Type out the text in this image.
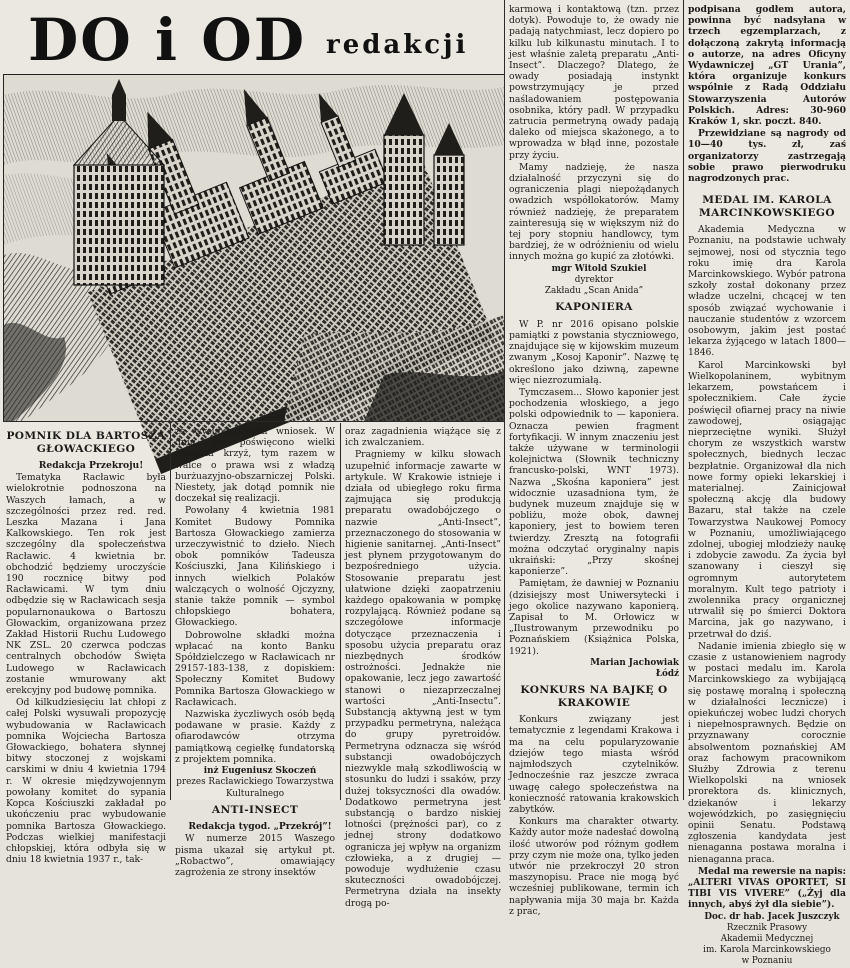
DO i OD redakcji
POMNIK DLA BARTOSZA GŁOWACKIEGO

Redakcja Przekroju!

Tematyka Racławic była wielokrotnie podnoszona na Waszych łamach, a w szczególności przez red. red. Leszka Mazana i Jana Kalkowskiego. Ten rok jest szczególny dla społeczeństwa Racławic. 4 kwietnia br. obchodzić będziemy uroczyście 190 rocznicę bitwy pod Racławicami. W tym dniu odbędzie się w Racławicach sesja popularnonaukowa o Bartoszu Głowackim, organizowana przez Zakład Historii Ruchu Ludowego NK ZSL. 20 czerwca podczas centralnych obchodów Święta Ludowego w Racławicach zostanie wmurowany akt erekcyjny pod budowę pomnika.

Od kilkudziesięciu lat chłopi z całej Polski wysuwali propozycję wybudowania w Racławicach pomnika Wojciecha Bartosza Głowackiego, bohatera słynnej bitwy stoczonej z wojskami carskimi w dniu 4 kwietnia 1794 r. W okresie międzywojennym powołany komitet do sypania Kopca Kościuszki zakładał po ukończeniu prac wybudowanie pomnika Bartosza Głowackiego. Podczas wielkiej manifestacji chłopskiej, która odbyła się w dniu 18 kwietnia 1937 r., tak-

że wysunięto taki wniosek. W dniu tym poświęcono wielki chłopski krzyż, tym razem w walce o prawa wsi z władzą burżuazyjno-obszarniczej Polski. Niestety, jak dotąd pomnik nie doczekał się realizacji.

Powołany 4 kwietnia 1981 Komitet Budowy Pomnika Bartosza Głowackiego zamierza urzeczywistnić to dzieło. Niech obok pomników Tadeusza Kościuszki, Jana Kilińskiego i innych wielkich Polaków walczących o wolność Ojczyzny, stanie także pomnik — symbol chłopskiego bohatera, Głowackiego.

Dobrowolne składki można wpłacać na konto Banku Spółdzielczego w Racławicach nr 29157-183-138, z dopiskiem: Społeczny Komitet Budowy Pomnika Bartosza Głowackiego w Racławicach.

Nazwiska życzliwych osób będą podawane w prasie. Każdy z ofiarodawców otrzyma pamiątkową cegiełkę fundatorską z projektem pomnika.

inż Eugeniusz Skoczeń
prezes Racławickiego Towarzystwa Kulturalnego

ANTI-INSECT

Redakcja tygod. „Przekrój”!

W numerze 2015 Waszego pisma ukazał się artykuł pt. „Robactwo”, omawiający zagrożenia ze strony insektów

oraz zagadnienia wiążące się z ich zwalczaniem.

Pragniemy w kilku słowach uzupełnić informacje zawarte w artykule. W Krakowie istnieje i działa od ubiegłego roku firma zajmująca się produkcją preparatu owadobójczego o nazwie „Anti-Insect”, przeznaczonego do stosowania w higienie sanitarnej. „Anti-Insect” jest płynem przygotowanym do bezpośredniego użycia. Stosowanie preparatu jest ułatwione dzięki zaopatrzeniu każdego opakowania w pompkę rozpylającą. Również podane są szczegółowe informacje dotyczące przeznaczenia i sposobu użycia preparatu oraz niezbędnych środków ostrożności. Jednakże nie opakowanie, lecz jego zawartość stanowi o niezaprzeczalnej wartości „Anti-Insectu”. Substancją aktywną jest w tym przypadku permetryna, należąca do grupy pyretroidów. Permetryna odznacza się wśród substancji owadobójczych niezwykle małą szkodliwością w stosunku do ludzi i ssaków, przy dużej toksyczności dla owadów. Dodatkowo permetryna jest substancją o bardzo niskiej lotności (prężności par), co z jednej strony dodatkowo ogranicza jej wpływ na organizm człowieka, a z drugiej — powoduje wydłużenie czasu skuteczności owadobójczej. Permetryna działa na insekty drogą po-

karmową i kontaktową (tzn. przez dotyk). Powoduje to, że owady nie padają natychmiast, lecz dopiero po kilku lub kilkunastu minutach. I to jest właśnie zaletą preparatu „Anti-Insect”. Dlaczego? Dlatego, że owady posiadają instynkt powstrzymujący je przed naśladowaniem postępowania osobnika, który padł. W przypadku zatrucia permetryną owady padają daleko od miejsca skażonego, a to wprowadza w błąd inne, pozostałe przy życiu.

Mamy nadzieję, że nasza działalność przyczyni się do ograniczenia plagi niepożądanych owadzich współlokatorów. Mamy również nadzieję, że preparatem zainteresują się w większym niż do tej pory stopniu handlowcy, tym bardziej, że w odróżnieniu od wielu innych można go kupić za złotówki.

mgr Witold Szukiel
dyrektor
Zakładu „Scan Anida”

KAPONIERA

W P. nr 2016 opisano polskie pamiątki z powstania styczniowego, znajdujące się w kijowskim muzeum zwanym „Kosoj Kaponir”. Nazwę tę określono jako dziwną, zapewne więc niezrozumiałą.

Tymczasem... Słowo kaponier jest pochodzenia włoskiego, a jego polski odpowiednik to — kaponiera. Oznacza pewien fragment fortyfikacji. W innym znaczeniu jest także używane w terminologii kolejnictwa (Słownik techniczny francusko-polski, WNT 1973). Nazwa „Skośna kaponiera” jest widocznie uzasadniona tym, że budynek muzeum znajduje się w pobliżu, może obok, dawnej kaponiery, jest to bowiem teren twierdzy. Zresztą na fotografii można odczytać oryginalny napis ukraiński: „Przy skośnej kaponierze”.

Pamiętam, że dawniej w Poznaniu (dzisiejszy most Uniwersytecki i jego okolice nazywano kaponierą. Zapisał to M. Orłowicz w „Ilustrowanym przewodniku po Poznańskiem (Książnica Polska, 1921).

Marian Jachowiak
Łódź

KONKURS NA BAJKĘ O KRAKOWIE

Konkurs związany jest tematycznie z legendami Krakowa i ma na celu popularyzowanie dziejów tego miasta wśród najmłodszych czytelników. Jednocześnie raz jeszcze zwraca uwagę całego społeczeństwa na konieczność ratowania krakowskich zabytków.

Konkurs ma charakter otwarty. Każdy autor może nadesłać dowolną ilość utworów pod różnym godłem przy czym nie może ona, tylko jeden utwór nie przekroczył 20 stron maszynopisu. Prace nie mogą być wcześniej publikowane, termin ich napływania mija 30 maja br. Każda z prac,

podpisana godłem autora, powinna być nadsyłana w trzech egzemplarzach, z dołączoną zakrytą informacją o autorze, na adres Oficyny Wydawniczej „GT Urania”, która organizuje konkurs wspólnie z Radą Oddziału Stowarzyszenia Autorów Polskich. Adres: 30-960 Kraków 1, skr. poczt. 840.

Przewidziane są nagrody od 10—40 tys. zł, zaś organizatorzy zastrzegają sobie prawo pierwodruku nagrodzonych prac.

MEDAL IM. KAROLA MARCINKOWSKIEGO

Akademia Medyczna w Poznaniu, na podstawie uchwały sejmowej, nosi od stycznia tego roku imię dra Karola Marcinkowskiego. Wybór patrona szkoły został dokonany przez władze uczelni, chcącej w ten sposób związać wychowanie i nauczanie studentów z wzorcem osobowym, jakim jest postać lekarza żyjącego w latach 1800—1846.

Karol Marcinkowski był Wielkopolaninem, wybitnym lekarzem, powstańcem i społecznikiem. Całe życie poświęcił ofiarnej pracy na niwie zawodowej, osiągając nieprzeciętne wyniki. Służył chorym ze wszystkich warstw społecznych, biednych leczac bezpłatnie. Organizował dla nich nowe formy opieki lekarskiej i materialnej. Zainicjował społeczną akcję dla budowy Bazaru, stał także na czele Towarzystwa Naukowej Pomocy w Poznaniu, umożliwiającego zdolnej, ubogiej młodzieży naukę i zdobycie zawodu. Za życia był szanowany i cieszył się ogromnym autorytetem moralnym. Kult tego patrioty i zwolennika pracy organicznej utrwalił się po śmierci Doktora Marcina, jak go nazywano, i przetrwał do dziś.

Nadanie imienia zbiegło się w czasie z ustanowieniem nagrody w postaci medalu im. Karola Marcinkowskiego za wybijającą się postawę moralną i społeczną w działalności lecznicze) i opiekuńczej wobec ludzi chorych i niepełnosprawnych. Będzie on przyznawany corocznie absolwentom poznańskiej AM oraz fachowym pracownikom Służby Zdrowia z terenu Wielkopolski na wniosek prorektora ds. klinicznych, dziekanów i lekarzy wojewódzkich, po zasięgnięciu opinii Senatu. Podstawą zgłoszenia kandydata jest nienaganna postawa moralna i nienaganna praca.

Medal ma rewersie na napis: „ALTERI VIVAS OPORTET, SI TIBI VIS VIVERE” („Żyj dla innych, abyś żył dla siebie”).

Doc. dr hab. Jacek Juszczyk
Rzecznik Prasowy
Akademii Medycznej
im. Karola Marcinkowskiego
w Poznaniu
